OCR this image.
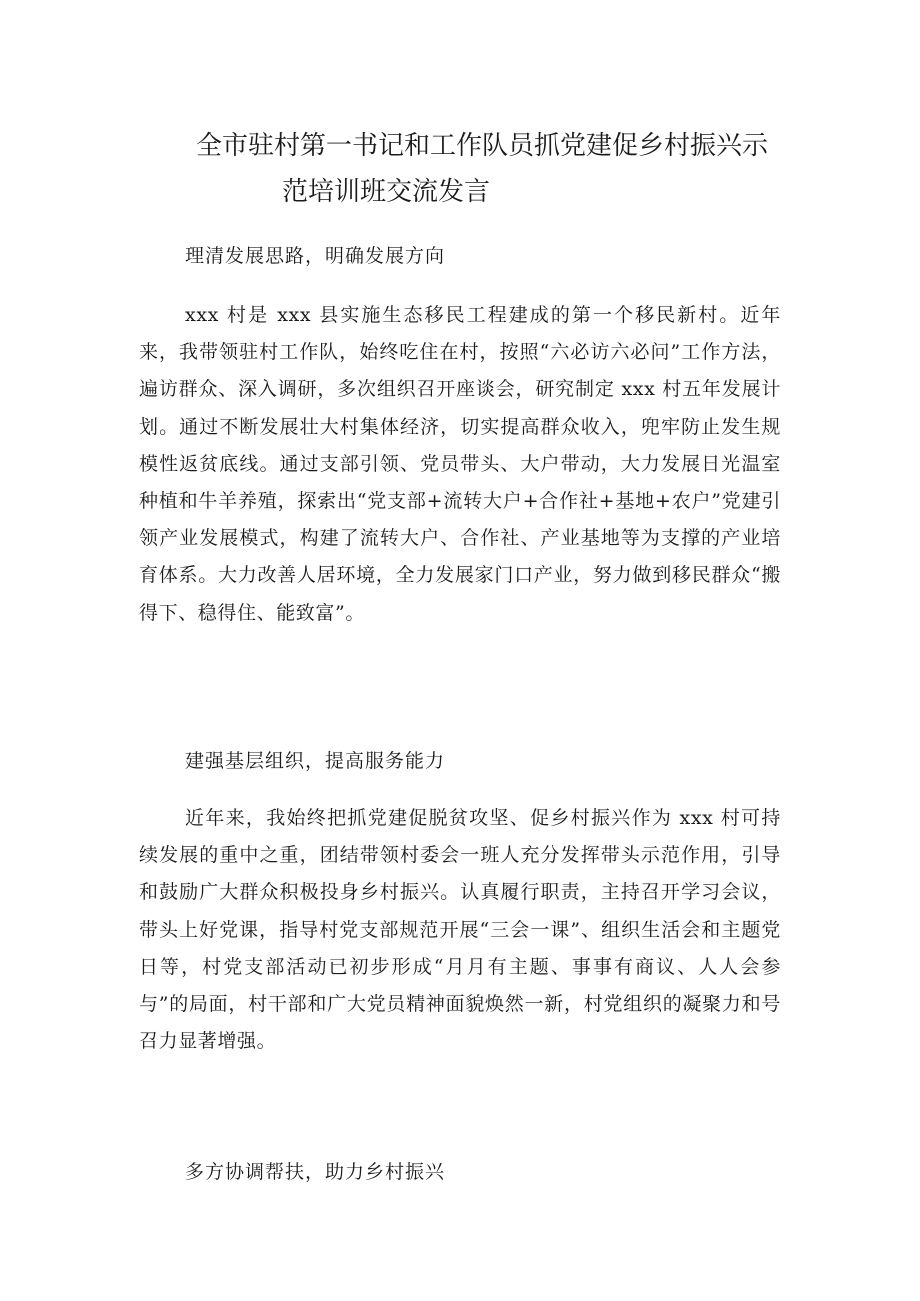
全市驻村第一书记和工作队员抓党建促乡村振兴示
范培训班交流发言
理清发展思路，明确发展方向

xxx 村是 xxx 县实施生态移民工程建成的第一个移民新村。近年来，我带领驻村工作队，始终吃住在村，按照“六必访六必问”工作方法，遍访群众、深入调研，多次组织召开座谈会，研究制定 xxx 村五年发展计划。通过不断发展壮大村集体经济，切实提高群众收入，兜牢防止发生规模性返贫底线。通过支部引领、党员带头、大户带动，大力发展日光温室种植和牛羊养殖，探索出“党支部+流转大户+合作社+基地+农户”党建引领产业发展模式，构建了流转大户、合作社、产业基地等为支撑的产业培育体系。大力改善人居环境，全力发展家门口产业，努力做到移民群众“搬得下、稳得住、能致富”。

建强基层组织，提高服务能力

近年来，我始终把抓党建促脱贫攻坚、促乡村振兴作为 xxx 村可持续发展的重中之重，团结带领村委会一班人充分发挥带头示范作用，引导和鼓励广大群众积极投身乡村振兴。认真履行职责，主持召开学习会议，带头上好党课，指导村党支部规范开展“三会一课”、组织生活会和主题党日等，村党支部活动已初步形成“月月有主题、事事有商议、人人会参与”的局面，村干部和广大党员精神面貌焕然一新，村党组织的凝聚力和号召力显著增强。

多方协调帮扶，助力乡村振兴
